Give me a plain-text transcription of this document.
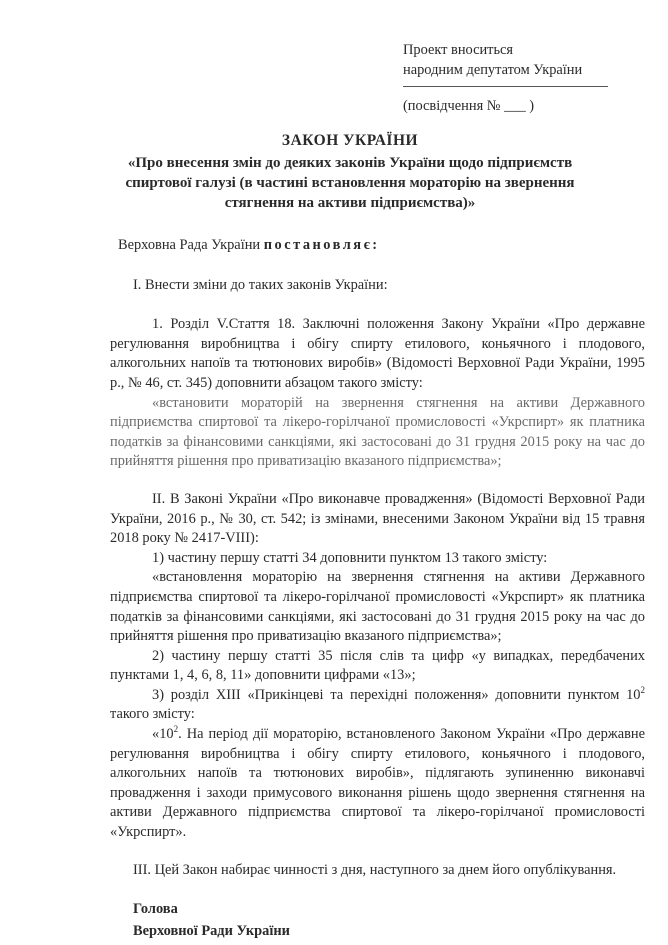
Проект вноситься
народним депутатом України
(посвідчення № ___ )
ЗАКОН УКРАЇНИ
«Про внесення змін до деяких законів України щодо підприємств спиртової галузі (в частині встановлення мораторію на звернення стягнення на активи підприємства)»
Верховна Рада України постановляє:
I. Внести зміни до таких законів України:
1. Розділ V.Стаття 18. Заключні положення Закону України «Про державне регулювання виробництва і обігу спирту етилового, коньячного і плодового, алкогольних напоїв та тютюнових виробів» (Відомості Верховної Ради України, 1995 р., № 46, ст. 345) доповнити абзацом такого змісту:
«встановити мораторій на звернення стягнення на активи Державного підприємства спиртової та лікеро-горілчаної промисловості «Укрспирт» як платника податків за фінансовими санкціями, які застосовані до 31 грудня 2015 року на час до прийняття рішення про приватизацію вказаного підприємства»;
II. В Законі України «Про виконавче провадження» (Відомості Верховної Ради України, 2016 р., № 30, ст. 542; із змінами, внесеними Законом України від 15 травня 2018 року № 2417-VIII):
1) частину першу статті 34 доповнити пунктом 13 такого змісту:
«встановлення мораторію на звернення стягнення на активи Державного підприємства спиртової та лікеро-горілчаної промисловості «Укрспирт» як платника податків за фінансовими санкціями, які застосовані до 31 грудня 2015 року на час до прийняття рішення про приватизацію вказаного підприємства»;
2) частину першу статті 35 після слів та цифр «у випадках, передбачених пунктами 1, 4, 6, 8, 11» доповнити цифрами «13»;
3) розділ XIII «Прикінцеві та перехідні положення» доповнити пунктом $10^2$ такого змісту:
«$10^2$. На період дії мораторію, встановленого Законом України «Про державне регулювання виробництва і обігу спирту етилового, коньячного і плодового, алкогольних напоїв та тютюнових виробів», підлягають зупиненню виконавчі провадження і заходи примусового виконання рішень щодо звернення стягнення на активи Державного підприємства спиртової та лікеро-горілчаної промисловості «Укрспирт».
III. Цей Закон набирає чинності з дня, наступного за днем його опублікування.
Голова
Верховної Ради України
